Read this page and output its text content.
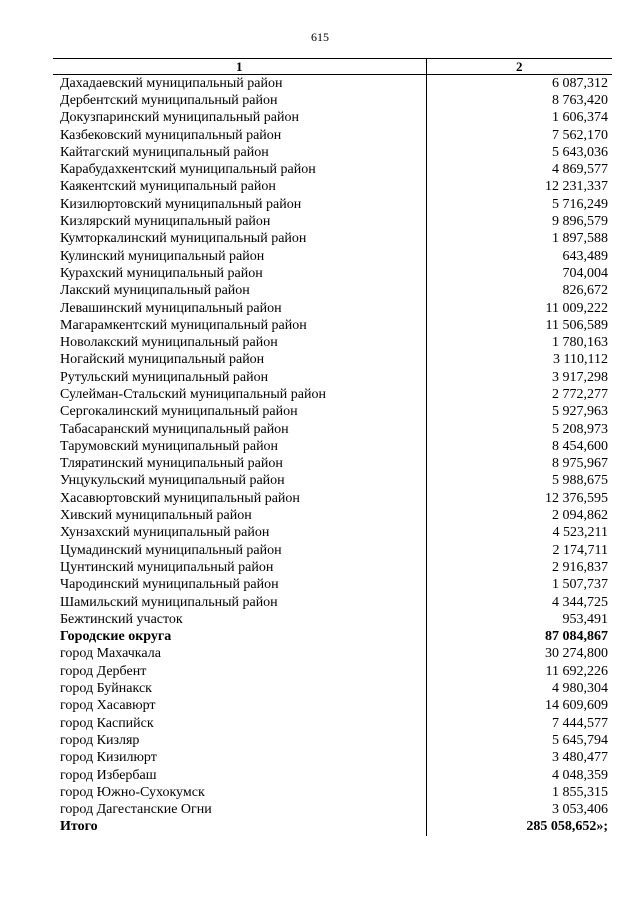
615
1	2
Дахадаевский муниципальный район	6 087,312
Дербентский муниципальный район	8 763,420
Докузпаринский муниципальный район	1 606,374
Казбековский муниципальный район	7 562,170
Кайтагский муниципальный район	5 643,036
Карабудахкентский муниципальный район	4 869,577
Каякентский муниципальный район	12 231,337
Кизилюртовский муниципальный район	5 716,249
Кизлярский муниципальный район	9 896,579
Кумторкалинский муниципальный район	1 897,588
Кулинский муниципальный район	643,489
Курахский муниципальный район	704,004
Лакский муниципальный район	826,672
Левашинский муниципальный район	11 009,222
Магарамкентский муниципальный район	11 506,589
Новолакский муниципальный район	1 780,163
Ногайский муниципальный район	3 110,112
Рутульский муниципальный район	3 917,298
Сулейман-Стальский муниципальный район	2 772,277
Сергокалинский муниципальный район	5 927,963
Табасаранский муниципальный район	5 208,973
Тарумовский муниципальный район	8 454,600
Тляратинский муниципальный район	8 975,967
Унцукульский муниципальный район	5 988,675
Хасавюртовский муниципальный район	12 376,595
Хивский муниципальный район	2 094,862
Хунзахский муниципальный район	4 523,211
Цумадинский муниципальный район	2 174,711
Цунтинский муниципальный район	2 916,837
Чародинский муниципальный район	1 507,737
Шамильский муниципальный район	4 344,725
Бежтинский участок	953,491
Городские округа	87 084,867
город Махачкала	30 274,800
город Дербент	11 692,226
город Буйнакск	4 980,304
город Хасавюрт	14 609,609
город Каспийск	7 444,577
город Кизляр	5 645,794
город Кизилюрт	3 480,477
город Избербаш	4 048,359
город Южно-Сухокумск	1 855,315
город Дагестанские Огни	3 053,406
Итого	285 058,652»;
